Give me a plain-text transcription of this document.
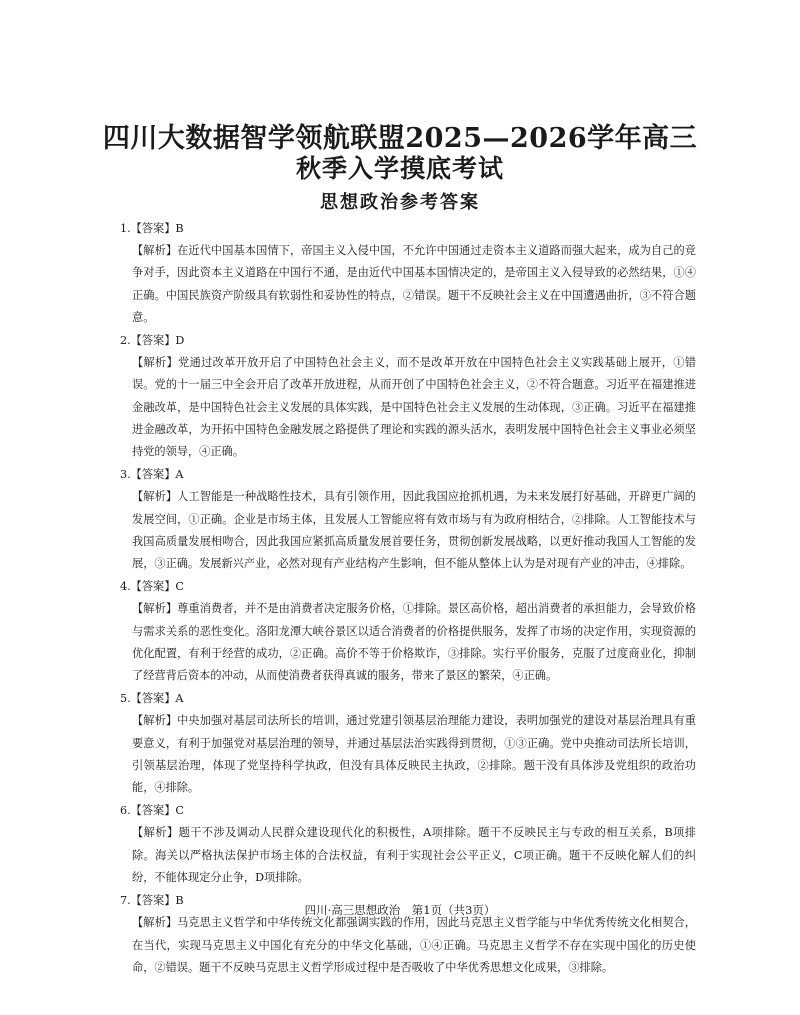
四川大数据智学领航联盟2025—2026学年高三
秋季入学摸底考试
思想政治参考答案
1.【答案】B
【解析】在近代中国基本国情下，帝国主义入侵中国，不允许中国通过走资本主义道路而强大起来，成为自己的竞争对手，因此资本主义道路在中国行不通，是由近代中国基本国情决定的，是帝国主义入侵导致的必然结果，①④正确。中国民族资产阶级具有软弱性和妥协性的特点，②错误。题干不反映社会主义在中国遭遇曲折，③不符合题意。
2.【答案】D
【解析】党通过改革开放开启了中国特色社会主义，而不是改革开放在中国特色社会主义实践基础上展开，①错误。党的十一届三中全会开启了改革开放进程，从而开创了中国特色社会主义，②不符合题意。习近平在福建推进金融改革，是中国特色社会主义发展的具体实践，是中国特色社会主义发展的生动体现，③正确。习近平在福建推进金融改革，为开拓中国特色金融发展之路提供了理论和实践的源头活水，表明发展中国特色社会主义事业必须坚持党的领导，④正确。
3.【答案】A
【解析】人工智能是一种战略性技术，具有引领作用，因此我国应抢抓机遇，为未来发展打好基础，开辟更广阔的发展空间，①正确。企业是市场主体，且发展人工智能应将有效市场与有为政府相结合，②排除。人工智能技术与我国高质量发展相吻合，因此我国应紧抓高质量发展首要任务，贯彻创新发展战略，以更好推动我国人工智能的发展，③正确。发展新兴产业，必然对现有产业结构产生影响，但不能从整体上认为是对现有产业的冲击，④排除。
4.【答案】C
【解析】尊重消费者，并不是由消费者决定服务价格，①排除。景区高价格，超出消费者的承担能力，会导致价格与需求关系的恶性变化。洛阳龙潭大峡谷景区以适合消费者的价格提供服务，发挥了市场的决定作用，实现资源的优化配置，有利于经营的成功，②正确。高价不等于价格欺诈，③排除。实行平价服务，克服了过度商业化，抑制了经营背后资本的冲动，从而使消费者获得真诚的服务，带来了景区的繁荣，④正确。
5.【答案】A
【解析】中央加强对基层司法所长的培训，通过党建引领基层治理能力建设，表明加强党的建设对基层治理具有重要意义，有利于加强党对基层治理的领导，并通过基层法治实践得到贯彻，①③正确。党中央推动司法所长培训，引领基层治理，体现了党坚持科学执政，但没有具体反映民主执政，②排除。题干没有具体涉及党组织的政治功能，④排除。
6.【答案】C
【解析】题干不涉及调动人民群众建设现代化的积极性，A项排除。题干不反映民主与专政的相互关系，B项排除。海关以严格执法保护市场主体的合法权益，有利于实现社会公平正义，C项正确。题干不反映化解人们的纠纷，不能体现定分止争，D项排除。
7.【答案】B
【解析】马克思主义哲学和中华传统文化都强调实践的作用，因此马克思主义哲学能与中华优秀传统文化相契合，在当代，实现马克思主义中国化有充分的中华文化基础，①④正确。马克思主义哲学不存在实现中国化的历史使命，②错误。题干不反映马克思主义哲学形成过程中是否吸收了中华优秀思想文化成果，③排除。
四川·高三思想政治　第1页（共3页）
